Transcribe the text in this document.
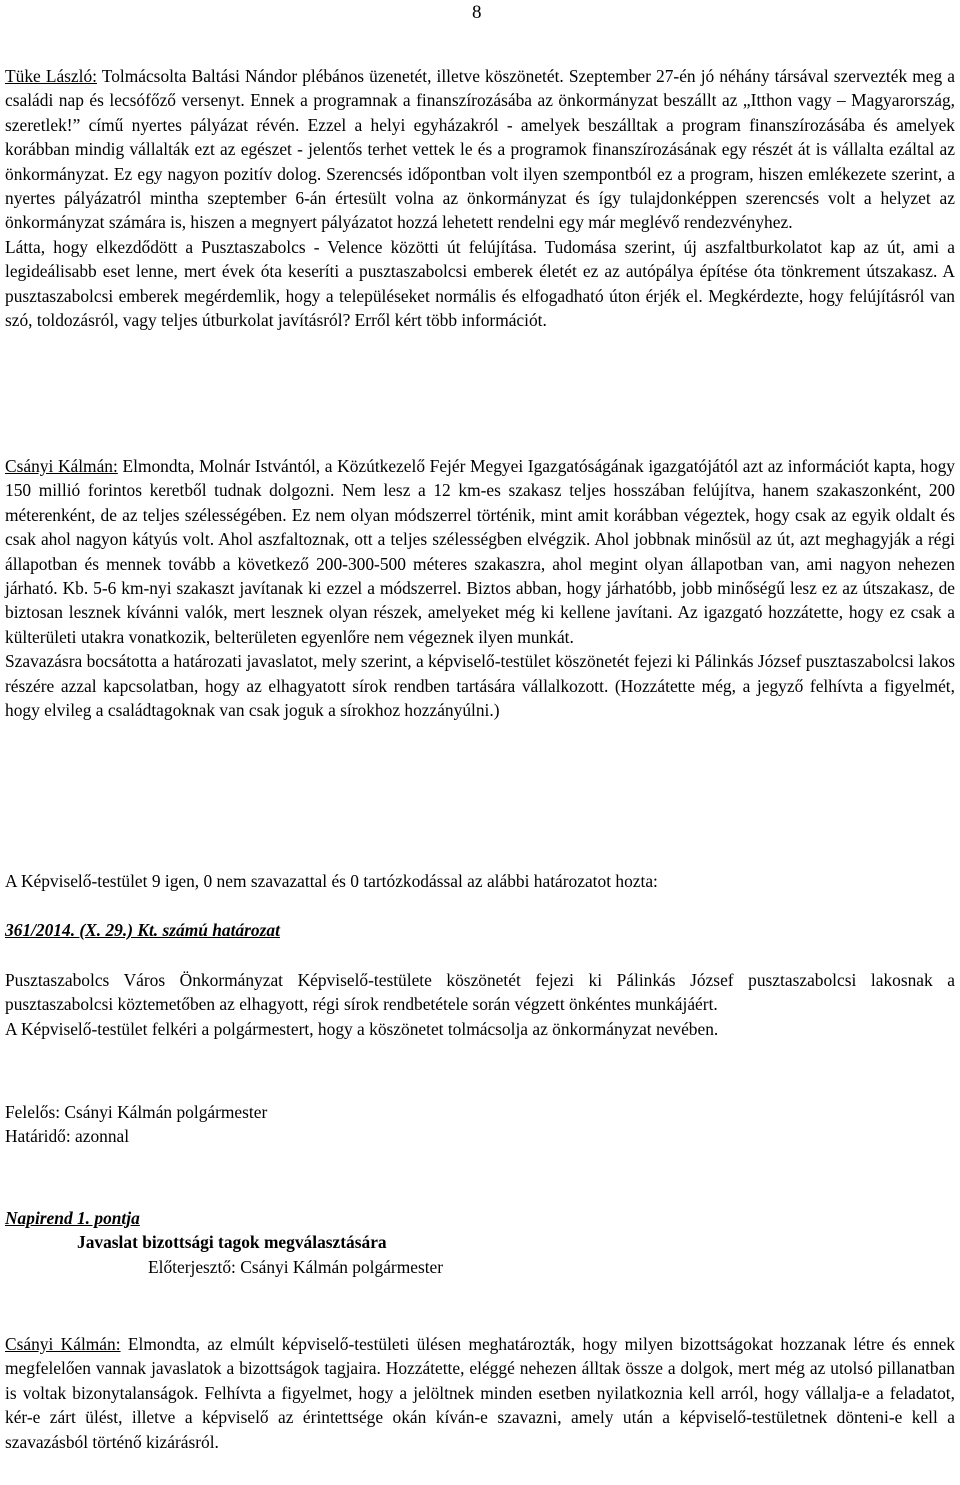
8

Tüke László: Tolmácsolta Baltási Nándor plébános üzenetét, illetve köszönetét. Szeptember 27-én jó néhány társával szervezték meg a családi nap és lecsófőző versenyt. Ennek a programnak a finanszírozásába az önkormányzat beszállt az „Itthon vagy – Magyarország, szeretlek!” című nyertes pályázat révén. Ezzel a helyi egyházakról - amelyek beszálltak a program finanszírozásába és amelyek korábban mindig vállalták ezt az egészet - jelentős terhet vettek le és a programok finanszírozásának egy részét át is vállalta ezáltal az önkormányzat. Ez egy nagyon pozitív dolog. Szerencsés időpontban volt ilyen szempontból ez a program, hiszen emlékezete szerint, a nyertes pályázatról mintha szeptember 6-án értesült volna az önkormányzat és így tulajdonképpen szerencsés volt a helyzet az önkormányzat számára is, hiszen a megnyert pályázatot hozzá lehetett rendelni egy már meglévő rendezvényhez.

Látta, hogy elkezdődött a Pusztaszabolcs - Velence közötti út felújítása. Tudomása szerint, új aszfaltburkolatot kap az út, ami a legideálisabb eset lenne, mert évek óta keseríti a pusztaszabolcsi emberek életét ez az autópálya építése óta tönkrement útszakasz. A pusztaszabolcsi emberek megérdemlik, hogy a településeket normális és elfogadható úton érjék el. Megkérdezte, hogy felújításról van szó, toldozásról, vagy teljes útburkolat javításról? Erről kért több információt.

Csányi Kálmán: Elmondta, Molnár Istvántól, a Közútkezelő Fejér Megyei Igazgatóságának igazgatójától azt az információt kapta, hogy 150 millió forintos keretből tudnak dolgozni. Nem lesz a 12 km-es szakasz teljes hosszában felújítva, hanem szakaszonként, 200 méterenként, de az teljes szélességében. Ez nem olyan módszerrel történik, mint amit korábban végeztek, hogy csak az egyik oldalt és csak ahol nagyon kátyús volt. Ahol aszfaltoznak, ott a teljes szélességben elvégzik. Ahol jobbnak minősül az út, azt meghagyják a régi állapotban és mennek tovább a következő 200-300-500 méteres szakaszra, ahol megint olyan állapotban van, ami nagyon nehezen járható. Kb. 5-6 km-nyi szakaszt javítanak ki ezzel a módszerrel. Biztos abban, hogy járhatóbb, jobb minőségű lesz ez az útszakasz, de biztosan lesznek kívánni valók, mert lesznek olyan részek, amelyeket még ki kellene javítani. Az igazgató hozzátette, hogy ez csak a külterületi utakra vonatkozik, belterületen egyenlőre nem végeznek ilyen munkát.

Szavazásra bocsátotta a határozati javaslatot, mely szerint, a képviselő-testület köszönetét fejezi ki Pálinkás József pusztaszabolcsi lakos részére azzal kapcsolatban, hogy az elhagyatott sírok rendben tartására vállalkozott. (Hozzátette még, a jegyző felhívta a figyelmét, hogy elvileg a családtagoknak van csak joguk a sírokhoz hozzányúlni.)

A Képviselő-testület 9 igen, 0 nem szavazattal és 0 tartózkodással az alábbi határozatot hozta:

361/2014. (X. 29.) Kt. számú határozat

Pusztaszabolcs Város Önkormányzat Képviselő-testülete köszönetét fejezi ki Pálinkás József pusztaszabolcsi lakosnak a pusztaszabolcsi köztemetőben az elhagyott, régi sírok rendbetétele során végzett önkéntes munkájáért.

A Képviselő-testület felkéri a polgármestert, hogy a köszönetet tolmácsolja az önkormányzat nevében.

Felelős: Csányi Kálmán polgármester

Határidő: azonnal

Napirend 1. pontja

Javaslat bizottsági tagok megválasztására

Előterjesztő: Csányi Kálmán polgármester

Csányi Kálmán: Elmondta, az elmúlt képviselő-testületi ülésen meghatározták, hogy milyen bizottságokat hozzanak létre és ennek megfelelően vannak javaslatok a bizottságok tagjaira. Hozzátette, eléggé nehezen álltak össze a dolgok, mert még az utolsó pillanatban is voltak bizonytalanságok. Felhívta a figyelmet, hogy a jelöltnek minden esetben nyilatkoznia kell arról, hogy vállalja-e a feladatot, kér-e zárt ülést, illetve a képviselő az érintettsége okán kíván-e szavazni, amely után a képviselő-testületnek dönteni-e kell a szavazásból történő kizárásról.
